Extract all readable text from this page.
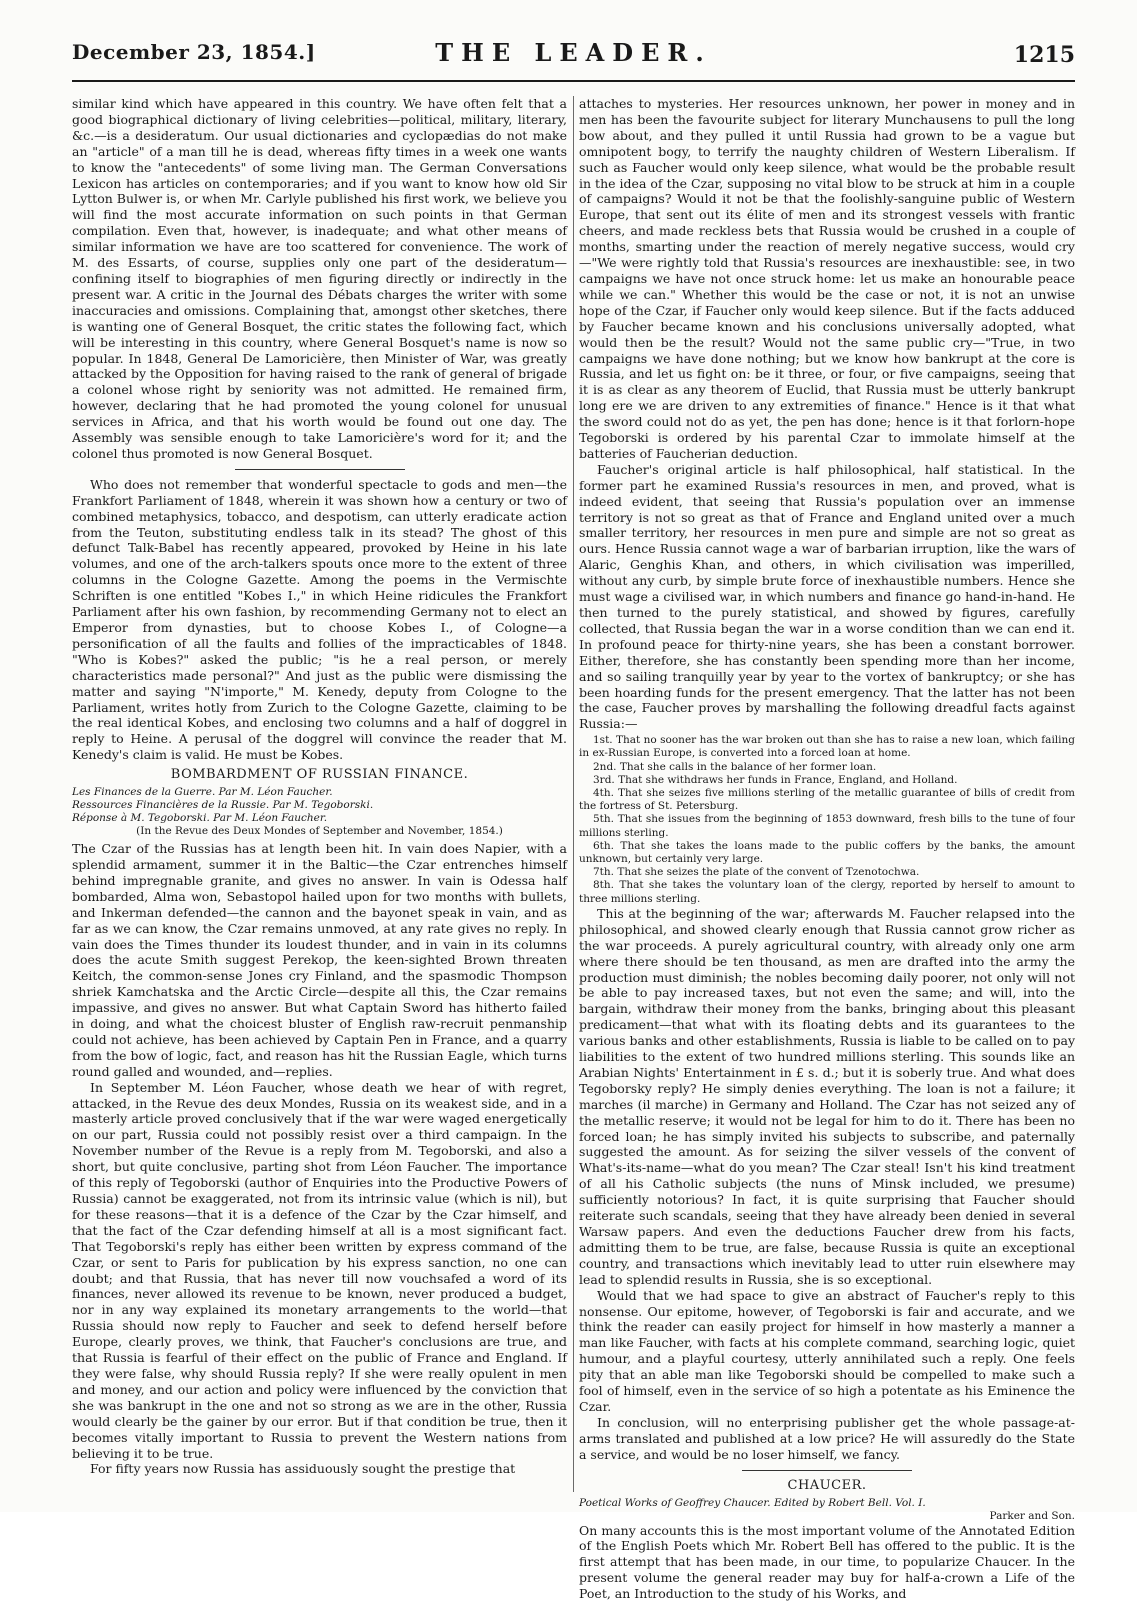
December 23, 1854.]	THE LEADER.	1215

similar kind which have appeared in this country. We have often felt that a good biographical dictionary of living celebrities—political, military, literary, &c.—is a desideratum. Our usual dictionaries and cyclopædias do not make an "article" of a man till he is dead, whereas fifty times in a week one wants to know the "antecedents" of some living man. The German Conversations Lexicon has articles on contemporaries; and if you want to know how old Sir Lytton Bulwer is, or when Mr. Carlyle published his first work, we believe you will find the most accurate information on such points in that German compilation. Even that, however, is inadequate; and what other means of similar information we have are too scattered for convenience. The work of M. des Essarts, of course, supplies only one part of the desideratum—confining itself to biographies of men figuring directly or indirectly in the present war. A critic in the Journal des Débats charges the writer with some inaccuracies and omissions. Complaining that, amongst other sketches, there is wanting one of General Bosquet, the critic states the following fact, which will be interesting in this country, where General Bosquet's name is now so popular. In 1848, General De Lamoricière, then Minister of War, was greatly attacked by the Opposition for having raised to the rank of general of brigade a colonel whose right by seniority was not admitted. He remained firm, however, declaring that he had promoted the young colonel for unusual services in Africa, and that his worth would be found out one day. The Assembly was sensible enough to take Lamoricière's word for it; and the colonel thus promoted is now General Bosquet.

Who does not remember that wonderful spectacle to gods and men—the Frankfort Parliament of 1848, wherein it was shown how a century or two of combined metaphysics, tobacco, and despotism, can utterly eradicate action from the Teuton, substituting endless talk in its stead? The ghost of this defunct Talk-Babel has recently appeared, provoked by Heine in his late volumes, and one of the arch-talkers spouts once more to the extent of three columns in the Cologne Gazette. Among the poems in the Vermischte Schriften is one entitled "Kobes I.," in which Heine ridicules the Frankfort Parliament after his own fashion, by recommending Germany not to elect an Emperor from dynasties, but to choose Kobes I., of Cologne—a personification of all the faults and follies of the impracticables of 1848. "Who is Kobes?" asked the public; "is he a real person, or merely characteristics made personal?" And just as the public were dismissing the matter and saying "N'importe," M. Kenedy, deputy from Cologne to the Parliament, writes hotly from Zurich to the Cologne Gazette, claiming to be the real identical Kobes, and enclosing two columns and a half of doggrel in reply to Heine. A perusal of the doggrel will convince the reader that M. Kenedy's claim is valid. He must be Kobes.

BOMBARDMENT OF RUSSIAN FINANCE.
Les Finances de la Guerre. Par M. Léon Faucher.
Ressources Financières de la Russie. Par M. Tegoborski.
Réponse à M. Tegoborski. Par M. Léon Faucher.
(In the Revue des Deux Mondes of September and November, 1854.)

The Czar of the Russias has at length been hit. In vain does Napier, with a splendid armament, summer it in the Baltic—the Czar entrenches himself behind impregnable granite, and gives no answer. In vain is Odessa half bombarded, Alma won, Sebastopol hailed upon for two months with bullets, and Inkerman defended—the cannon and the bayonet speak in vain, and as far as we can know, the Czar remains unmoved, at any rate gives no reply. In vain does the Times thunder its loudest thunder, and in vain in its columns does the acute Smith suggest Perekop, the keen-sighted Brown threaten Keitch, the common-sense Jones cry Finland, and the spasmodic Thompson shriek Kamchatska and the Arctic Circle—despite all this, the Czar remains impassive, and gives no answer. But what Captain Sword has hitherto failed in doing, and what the choicest bluster of English raw-recruit penmanship could not achieve, has been achieved by Captain Pen in France, and a quarry from the bow of logic, fact, and reason has hit the Russian Eagle, which turns round galled and wounded, and—replies.

In September M. Léon Faucher, whose death we hear of with regret, attacked, in the Revue des deux Mondes, Russia on its weakest side, and in a masterly article proved conclusively that if the war were waged energetically on our part, Russia could not possibly resist over a third campaign. In the November number of the Revue is a reply from M. Tegoborski, and also a short, but quite conclusive, parting shot from Léon Faucher. The importance of this reply of Tegoborski (author of Enquiries into the Productive Powers of Russia) cannot be exaggerated, not from its intrinsic value (which is nil), but for these reasons—that it is a defence of the Czar by the Czar himself, and that the fact of the Czar defending himself at all is a most significant fact. That Tegoborski's reply has either been written by express command of the Czar, or sent to Paris for publication by his express sanction, no one can doubt; and that Russia, that has never till now vouchsafed a word of its finances, never allowed its revenue to be known, never produced a budget, nor in any way explained its monetary arrangements to the world—that Russia should now reply to Faucher and seek to defend herself before Europe, clearly proves, we think, that Faucher's conclusions are true, and that Russia is fearful of their effect on the public of France and England. If they were false, why should Russia reply? If she were really opulent in men and money, and our action and policy were influenced by the conviction that she was bankrupt in the one and not so strong as we are in the other, Russia would clearly be the gainer by our error. But if that condition be true, then it becomes vitally important to Russia to prevent the Western nations from believing it to be true.

For fifty years now Russia has assiduously sought the prestige that

attaches to mysteries. Her resources unknown, her power in money and in men has been the favourite subject for literary Munchausens to pull the long bow about, and they pulled it until Russia had grown to be a vague but omnipotent bogy, to terrify the naughty children of Western Liberalism. If such as Faucher would only keep silence, what would be the probable result in the idea of the Czar, supposing no vital blow to be struck at him in a couple of campaigns? Would it not be that the foolishly-sanguine public of Western Europe, that sent out its élite of men and its strongest vessels with frantic cheers, and made reckless bets that Russia would be crushed in a couple of months, smarting under the reaction of merely negative success, would cry—"We were rightly told that Russia's resources are inexhaustible: see, in two campaigns we have not once struck home: let us make an honourable peace while we can." Whether this would be the case or not, it is not an unwise hope of the Czar, if Faucher only would keep silence. But if the facts adduced by Faucher became known and his conclusions universally adopted, what would then be the result? Would not the same public cry—"True, in two campaigns we have done nothing; but we know how bankrupt at the core is Russia, and let us fight on: be it three, or four, or five campaigns, seeing that it is as clear as any theorem of Euclid, that Russia must be utterly bankrupt long ere we are driven to any extremities of finance." Hence is it that what the sword could not do as yet, the pen has done; hence is it that forlorn-hope Tegoborski is ordered by his parental Czar to immolate himself at the batteries of Faucherian deduction.

Faucher's original article is half philosophical, half statistical. In the former part he examined Russia's resources in men, and proved, what is indeed evident, that seeing that Russia's population over an immense territory is not so great as that of France and England united over a much smaller territory, her resources in men pure and simple are not so great as ours. Hence Russia cannot wage a war of barbarian irruption, like the wars of Alaric, Genghis Khan, and others, in which civilisation was imperilled, without any curb, by simple brute force of inexhaustible numbers. Hence she must wage a civilised war, in which numbers and finance go hand-in-hand. He then turned to the purely statistical, and showed by figures, carefully collected, that Russia began the war in a worse condition than we can end it. In profound peace for thirty-nine years, she has been a constant borrower. Either, therefore, she has constantly been spending more than her income, and so sailing tranquilly year by year to the vortex of bankruptcy; or she has been hoarding funds for the present emergency. That the latter has not been the case, Faucher proves by marshalling the following dreadful facts against Russia:—

1st. That no sooner has the war broken out than she has to raise a new loan, which failing in ex-Russian Europe, is converted into a forced loan at home.
2nd. That she calls in the balance of her former loan.
3rd. That she withdraws her funds in France, England, and Holland.
4th. That she seizes five millions sterling of the metallic guarantee of bills of credit from the fortress of St. Petersburg.
5th. That she issues from the beginning of 1853 downward, fresh bills to the tune of four millions sterling.
6th. That she takes the loans made to the public coffers by the banks, the amount unknown, but certainly very large.
7th. That she seizes the plate of the convent of Tzenotochwa.
8th. That she takes the voluntary loan of the clergy, reported by herself to amount to three millions sterling.

This at the beginning of the war; afterwards M. Faucher relapsed into the philosophical, and showed clearly enough that Russia cannot grow richer as the war proceeds. A purely agricultural country, with already only one arm where there should be ten thousand, as men are drafted into the army the production must diminish; the nobles becoming daily poorer, not only will not be able to pay increased taxes, but not even the same; and will, into the bargain, withdraw their money from the banks, bringing about this pleasant predicament—that what with its floating debts and its guarantees to the various banks and other establishments, Russia is liable to be called on to pay liabilities to the extent of two hundred millions sterling. This sounds like an Arabian Nights' Entertainment in £ s. d.; but it is soberly true. And what does Tegoborsky reply? He simply denies everything. The loan is not a failure; it marches (il marche) in Germany and Holland. The Czar has not seized any of the metallic reserve; it would not be legal for him to do it. There has been no forced loan; he has simply invited his subjects to subscribe, and paternally suggested the amount. As for seizing the silver vessels of the convent of What's-its-name—what do you mean? The Czar steal! Isn't his kind treatment of all his Catholic subjects (the nuns of Minsk included, we presume) sufficiently notorious? In fact, it is quite surprising that Faucher should reiterate such scandals, seeing that they have already been denied in several Warsaw papers. And even the deductions Faucher drew from his facts, admitting them to be true, are false, because Russia is quite an exceptional country, and transactions which inevitably lead to utter ruin elsewhere may lead to splendid results in Russia, she is so exceptional.

Would that we had space to give an abstract of Faucher's reply to this nonsense. Our epitome, however, of Tegoborski is fair and accurate, and we think the reader can easily project for himself in how masterly a manner a man like Faucher, with facts at his complete command, searching logic, quiet humour, and a playful courtesy, utterly annihilated such a reply. One feels pity that an able man like Tegoborski should be compelled to make such a fool of himself, even in the service of so high a potentate as his Eminence the Czar.

In conclusion, will no enterprising publisher get the whole passage-at-arms translated and published at a low price? He will assuredly do the State a service, and would be no loser himself, we fancy.

CHAUCER.
Poetical Works of Geoffrey Chaucer. Edited by Robert Bell. Vol. I.
Parker and Son.

On many accounts this is the most important volume of the Annotated Edition of the English Poets which Mr. Robert Bell has offered to the public. It is the first attempt that has been made, in our time, to popularize Chaucer. In the present volume the general reader may buy for half-a-crown a Life of the Poet, an Introduction to the study of his Works, and
